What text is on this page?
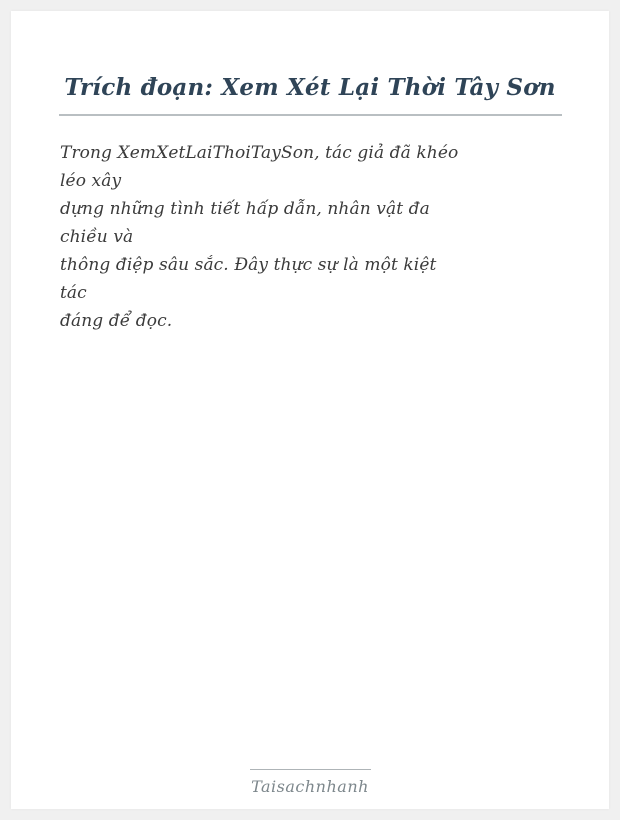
Trích đoạn: Xem Xét Lại Thời Tây Sơn

Trong XemXetLaiThoiTaySon, tác giả đã khéo

léo xây

dựng những tình tiết hấp dẫn, nhân vật đa

chiều và

thông điệp sâu sắc. Đây thực sự là một kiệt

tác

đáng để đọc.

Taisachnhanh
